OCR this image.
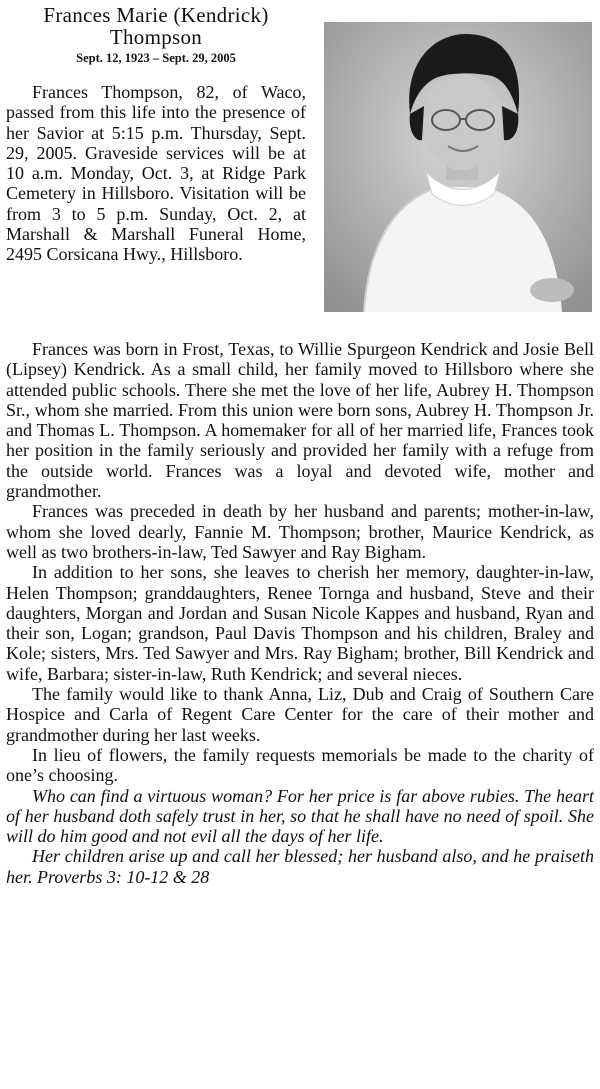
Frances Marie (Kendrick) Thompson
Sept. 12, 1923 – Sept. 29, 2005

Frances Thompson, 82, of Waco, passed from this life into the presence of her Savior at 5:15 p.m. Thursday, Sept. 29, 2005. Graveside services will be at 10 a.m. Monday, Oct. 3, at Ridge Park Cemetery in Hillsboro. Visitation will be from 3 to 5 p.m. Sunday, Oct. 2, at Marshall & Marshall Funeral Home, 2495 Corsicana Hwy., Hillsboro.

Frances was born in Frost, Texas, to Willie Spurgeon Kendrick and Josie Bell (Lipsey) Kendrick. As a small child, her family moved to Hillsboro where she attended public schools. There she met the love of her life, Aubrey H. Thompson Sr., whom she married. From this union were born sons, Aubrey H. Thompson Jr. and Thomas L. Thompson. A homemaker for all of her married life, Frances took her position in the family seriously and provided her family with a refuge from the outside world. Frances was a loyal and devoted wife, mother and grandmother.

Frances was preceded in death by her husband and parents; mother-in-law, whom she loved dearly, Fannie M. Thompson; brother, Maurice Kendrick, as well as two brothers-in-law, Ted Sawyer and Ray Bigham.

In addition to her sons, she leaves to cherish her memory, daughter-in-law, Helen Thompson; granddaughters, Renee Tornga and husband, Steve and their daughters, Morgan and Jordan and Susan Nicole Kappes and husband, Ryan and their son, Logan; grandson, Paul Davis Thompson and his children, Braley and Kole; sisters, Mrs. Ted Sawyer and Mrs. Ray Bigham; brother, Bill Kendrick and wife, Barbara; sister-in-law, Ruth Kendrick; and several nieces.

The family would like to thank Anna, Liz, Dub and Craig of Southern Care Hospice and Carla of Regent Care Center for the care of their mother and grandmother during her last weeks.

In lieu of flowers, the family requests memorials be made to the charity of one’s choosing.

Who can find a virtuous woman? For her price is far above rubies. The heart of her husband doth safely trust in her, so that he shall have no need of spoil. She will do him good and not evil all the days of her life.

Her children arise up and call her blessed; her husband also, and he praiseth her. Proverbs 3: 10-12 & 28
